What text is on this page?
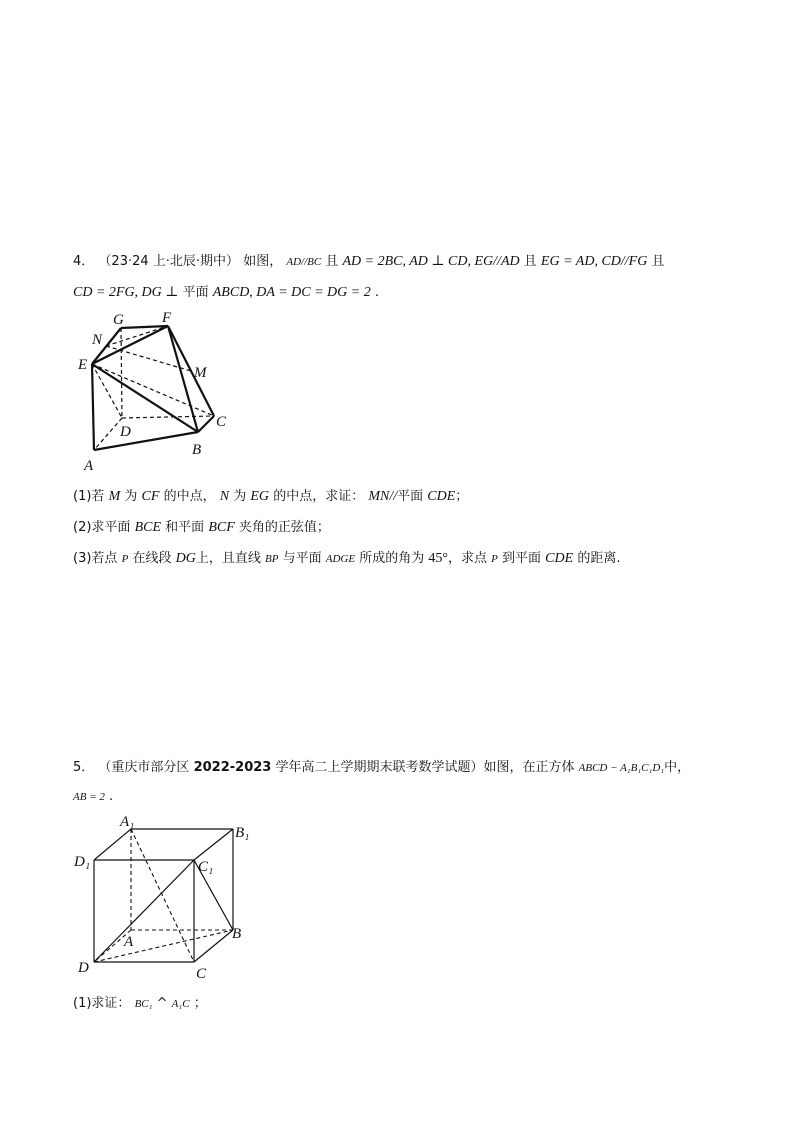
4． （23·24 上·北辰·期中） 如图， AD//BC 且 AD = 2BC, AD ⊥ CD, EG//AD 且 EG = AD, CD//FG 且
CD = 2FG, DG ⊥ 平面 ABCD, DA = DC = DG = 2 .
G	F
N
E	M
D
C
A
B
(1)若 M 为 CF 的中点， N 为 EG 的中点，求证： MN//平面 CDE；
(2)求平面 BCE 和平面 BCF 夹角的正弦值；
(3)若点 P 在线段 DG上，且直线 BP 与平面 ADGE 所成的角为 45°，求点 P 到平面 CDE 的距离.
5． （重庆市部分区 2022-2023 学年高二上学期期末联考数学试题）如图，在正方体 ABCD − A₁B₁C₁D₁中，
AB = 2 .
A₁
B₁
D₁	C₁
A	B
C
D
(1)求证： BC₁ ^ A₁C ；
